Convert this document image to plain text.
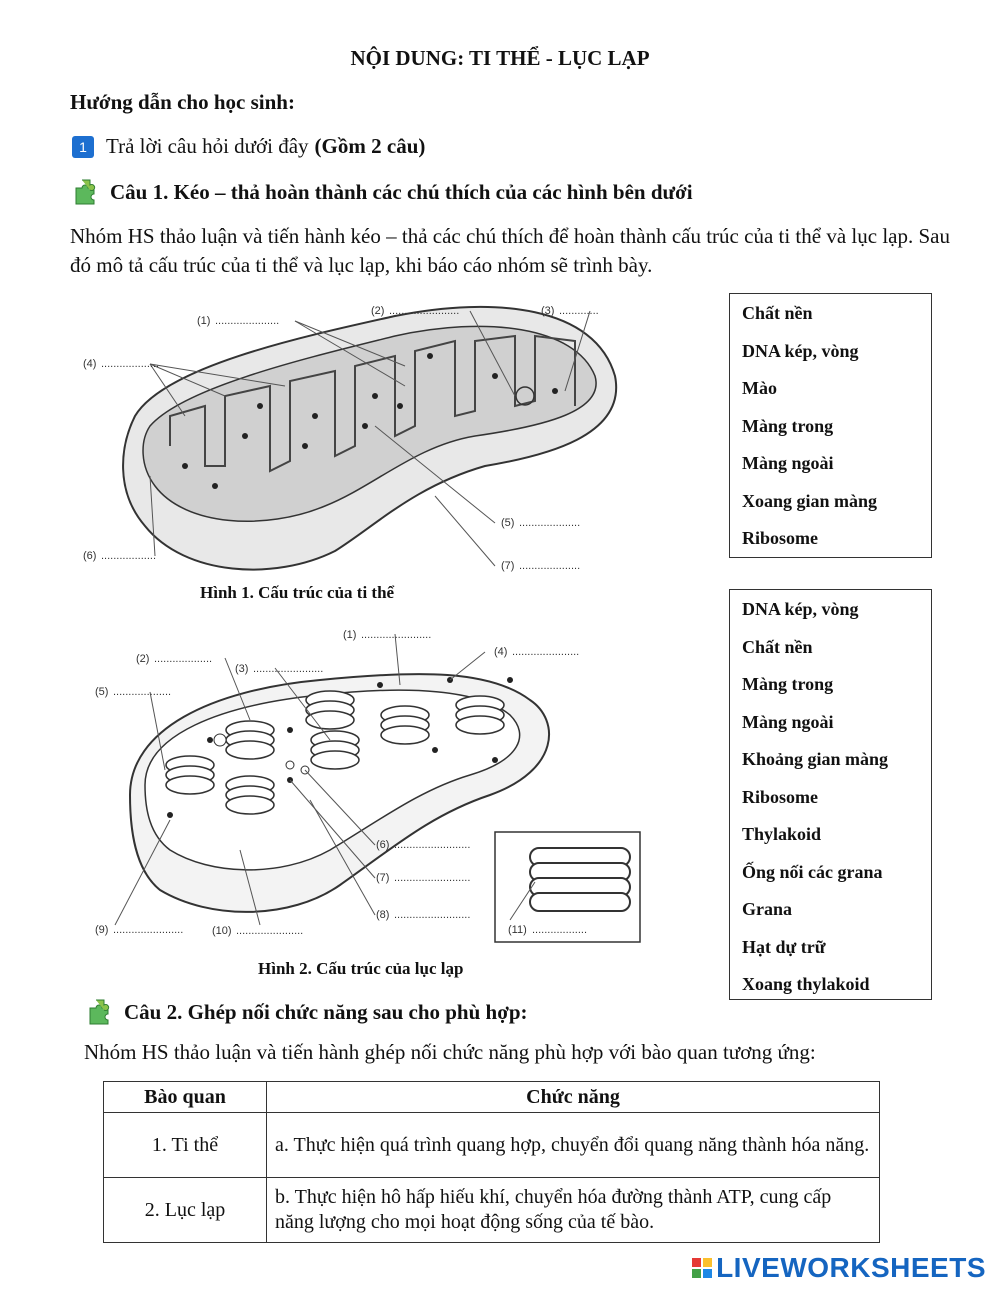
NỘI DUNG: TI THỂ - LỤC LẠP
Hướng dẫn cho học sinh:
1 Trả lời câu hỏi dưới đây (Gồm 2 câu)
Câu 1. Kéo – thả hoàn thành các chú thích của các hình bên dưới
Nhóm HS thảo luận và tiến hành kéo – thả các chú thích để hoàn thành cấu trúc của ti thể và lục lạp. Sau đó mô tả cấu trúc của ti thể và lục lạp, khi báo cáo nhóm sẽ trình bày.
(1) .....................
(2) .......................	(3) .............
(4) ...................
(5) ....................
(6) ..................
(7) ....................
Hình 1. Cấu trúc của ti thể
Chất nền
DNA kép, vòng
Mào
Màng trong
Màng ngoài
Xoang gian màng
Ribosome
(1) .......................
(2) ...................
(3) .......................
(4) ......................
(5) ...................
(6) .........................
(7) .........................
(8) .........................
(9) .......................	(10) ......................	(11) ..................
Hình 2. Cấu trúc của lục lạp
DNA kép, vòng
Chất nền
Màng trong
Màng ngoài
Khoảng gian màng
Ribosome
Thylakoid
Ống nối các grana
Grana
Hạt dự trữ
Xoang thylakoid
Câu 2. Ghép nối chức năng sau cho phù hợp:
Nhóm HS thảo luận và tiến hành ghép nối chức năng phù hợp với bào quan tương ứng:
Bào quan	Chức năng
1. Ti thể	a. Thực hiện quá trình quang hợp, chuyển đổi quang năng thành hóa năng.
2. Lục lạp	b. Thực hiện hô hấp hiếu khí, chuyển hóa đường thành ATP, cung cấp năng lượng cho mọi hoạt động sống của tế bào.
LIVEWORKSHEETS
